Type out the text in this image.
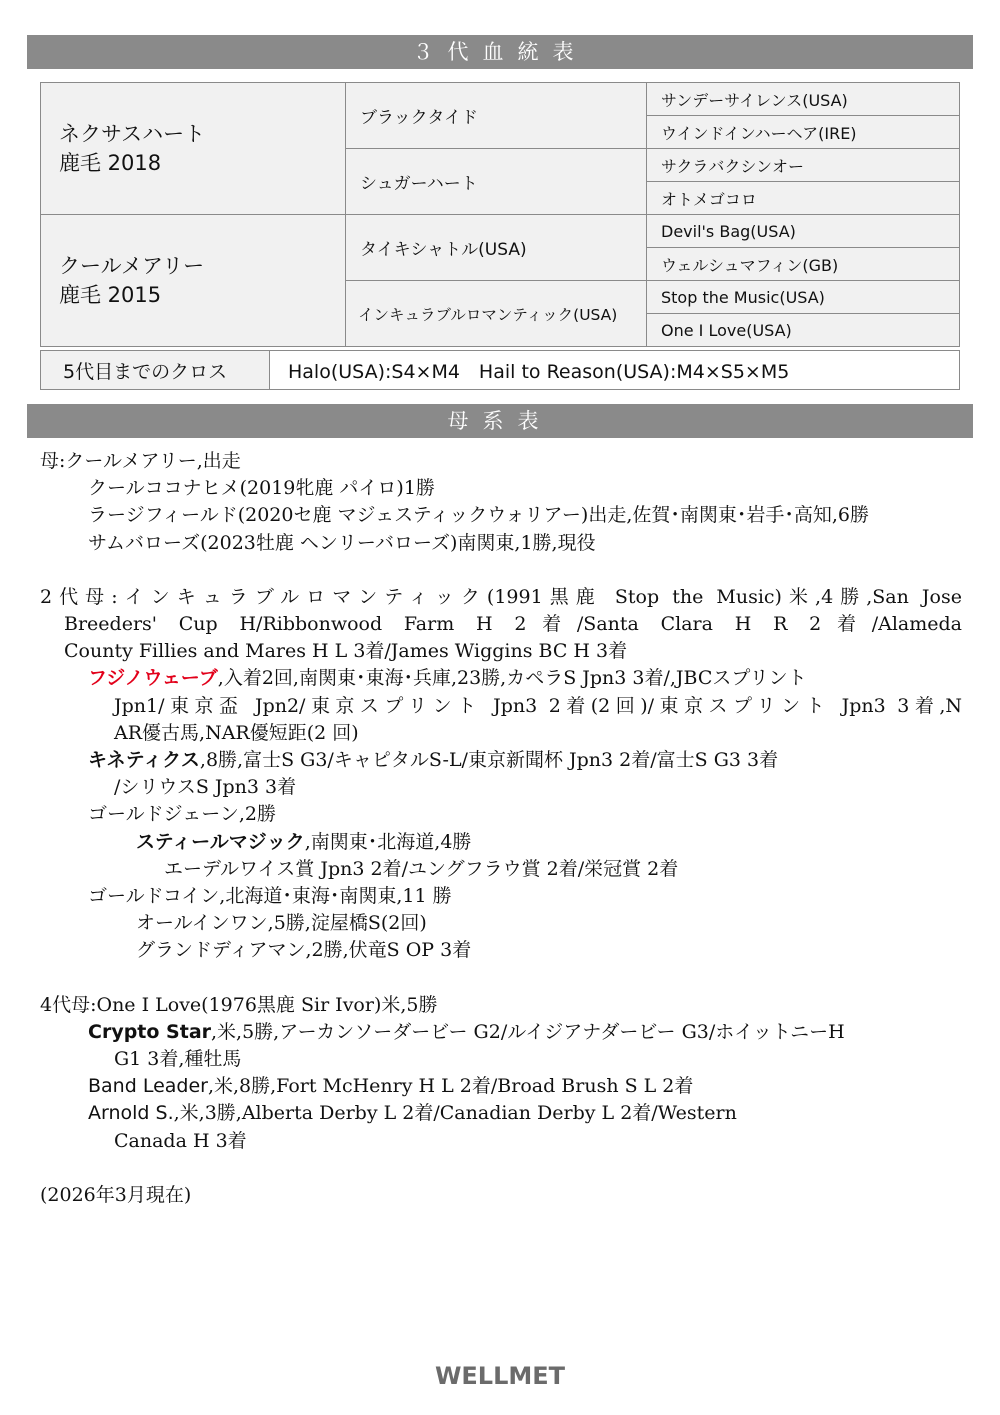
３代血統表
ネクサスハート
鹿毛 2018	ブラックタイド	サンデーサイレンス(USA)
		ウインドインハーヘア(IRE)
	シュガーハート	サクラバクシンオー
		オトメゴコロ

クールメアリー
鹿毛 2015	タイキシャトル(USA)	Devil's Bag(USA)
		ウェルシュマフィン(GB)
	インキュラブルロマンティック(USA)	Stop the Music(USA)
		One I Love(USA)
5代目までのクロス	Halo(USA):S4×M4　Hail to Reason(USA):M4×S5×M5
母系表
母:クールメアリー,出走
クールココナヒメ(2019牝鹿 パイロ)1勝
ラージフィールド(2020セ鹿 マジェスティックウォリアー)出走,佐賀･南関東･岩手･高知,6勝
サムバローズ(2023牡鹿 ヘンリーバローズ)南関東,1勝,現役
2代母:インキュラブルロマンティック(1991黒鹿 Stop the Music)米,4勝,San Jose
Breeders' Cup H/Ribbonwood Farm H 2着/Santa Clara H R 2着/Alameda
County Fillies and Mares H L 3着/James Wiggins BC H 3着
フジノウェーブ,入着2回,南関東･東海･兵庫,23勝,カペラS Jpn3 3着/,JBCスプリント
Jpn1/東京盃 Jpn2/東京スプリント Jpn3 2着(2回)/東京スプリント Jpn3 3着,N
AR優古馬,NAR優短距(2 回)
キネティクス,8勝,富士S G3/キャピタルS-L/東京新聞杯 Jpn3 2着/富士S G3 3着
/シリウスS Jpn3 3着
ゴールドジェーン,2勝
スティールマジック,南関東･北海道,4勝
エーデルワイス賞 Jpn3 2着/ユングフラウ賞 2着/栄冠賞 2着
ゴールドコイン,北海道･東海･南関東,11 勝
オールインワン,5勝,淀屋橋S(2回)
グランドディアマン,2勝,伏竜S OP 3着
4代母:One I Love(1976黒鹿 Sir Ivor)米,5勝
Crypto Star,米,5勝,アーカンソーダービー G2/ルイジアナダービー G3/ホイットニーH
G1 3着,種牡馬
Band Leader,米,8勝,Fort McHenry H L 2着/Broad Brush S L 2着
Arnold S.,米,3勝,Alberta Derby L 2着/Canadian Derby L 2着/Western
Canada H 3着
(2026年3月現在)
WELLMET
